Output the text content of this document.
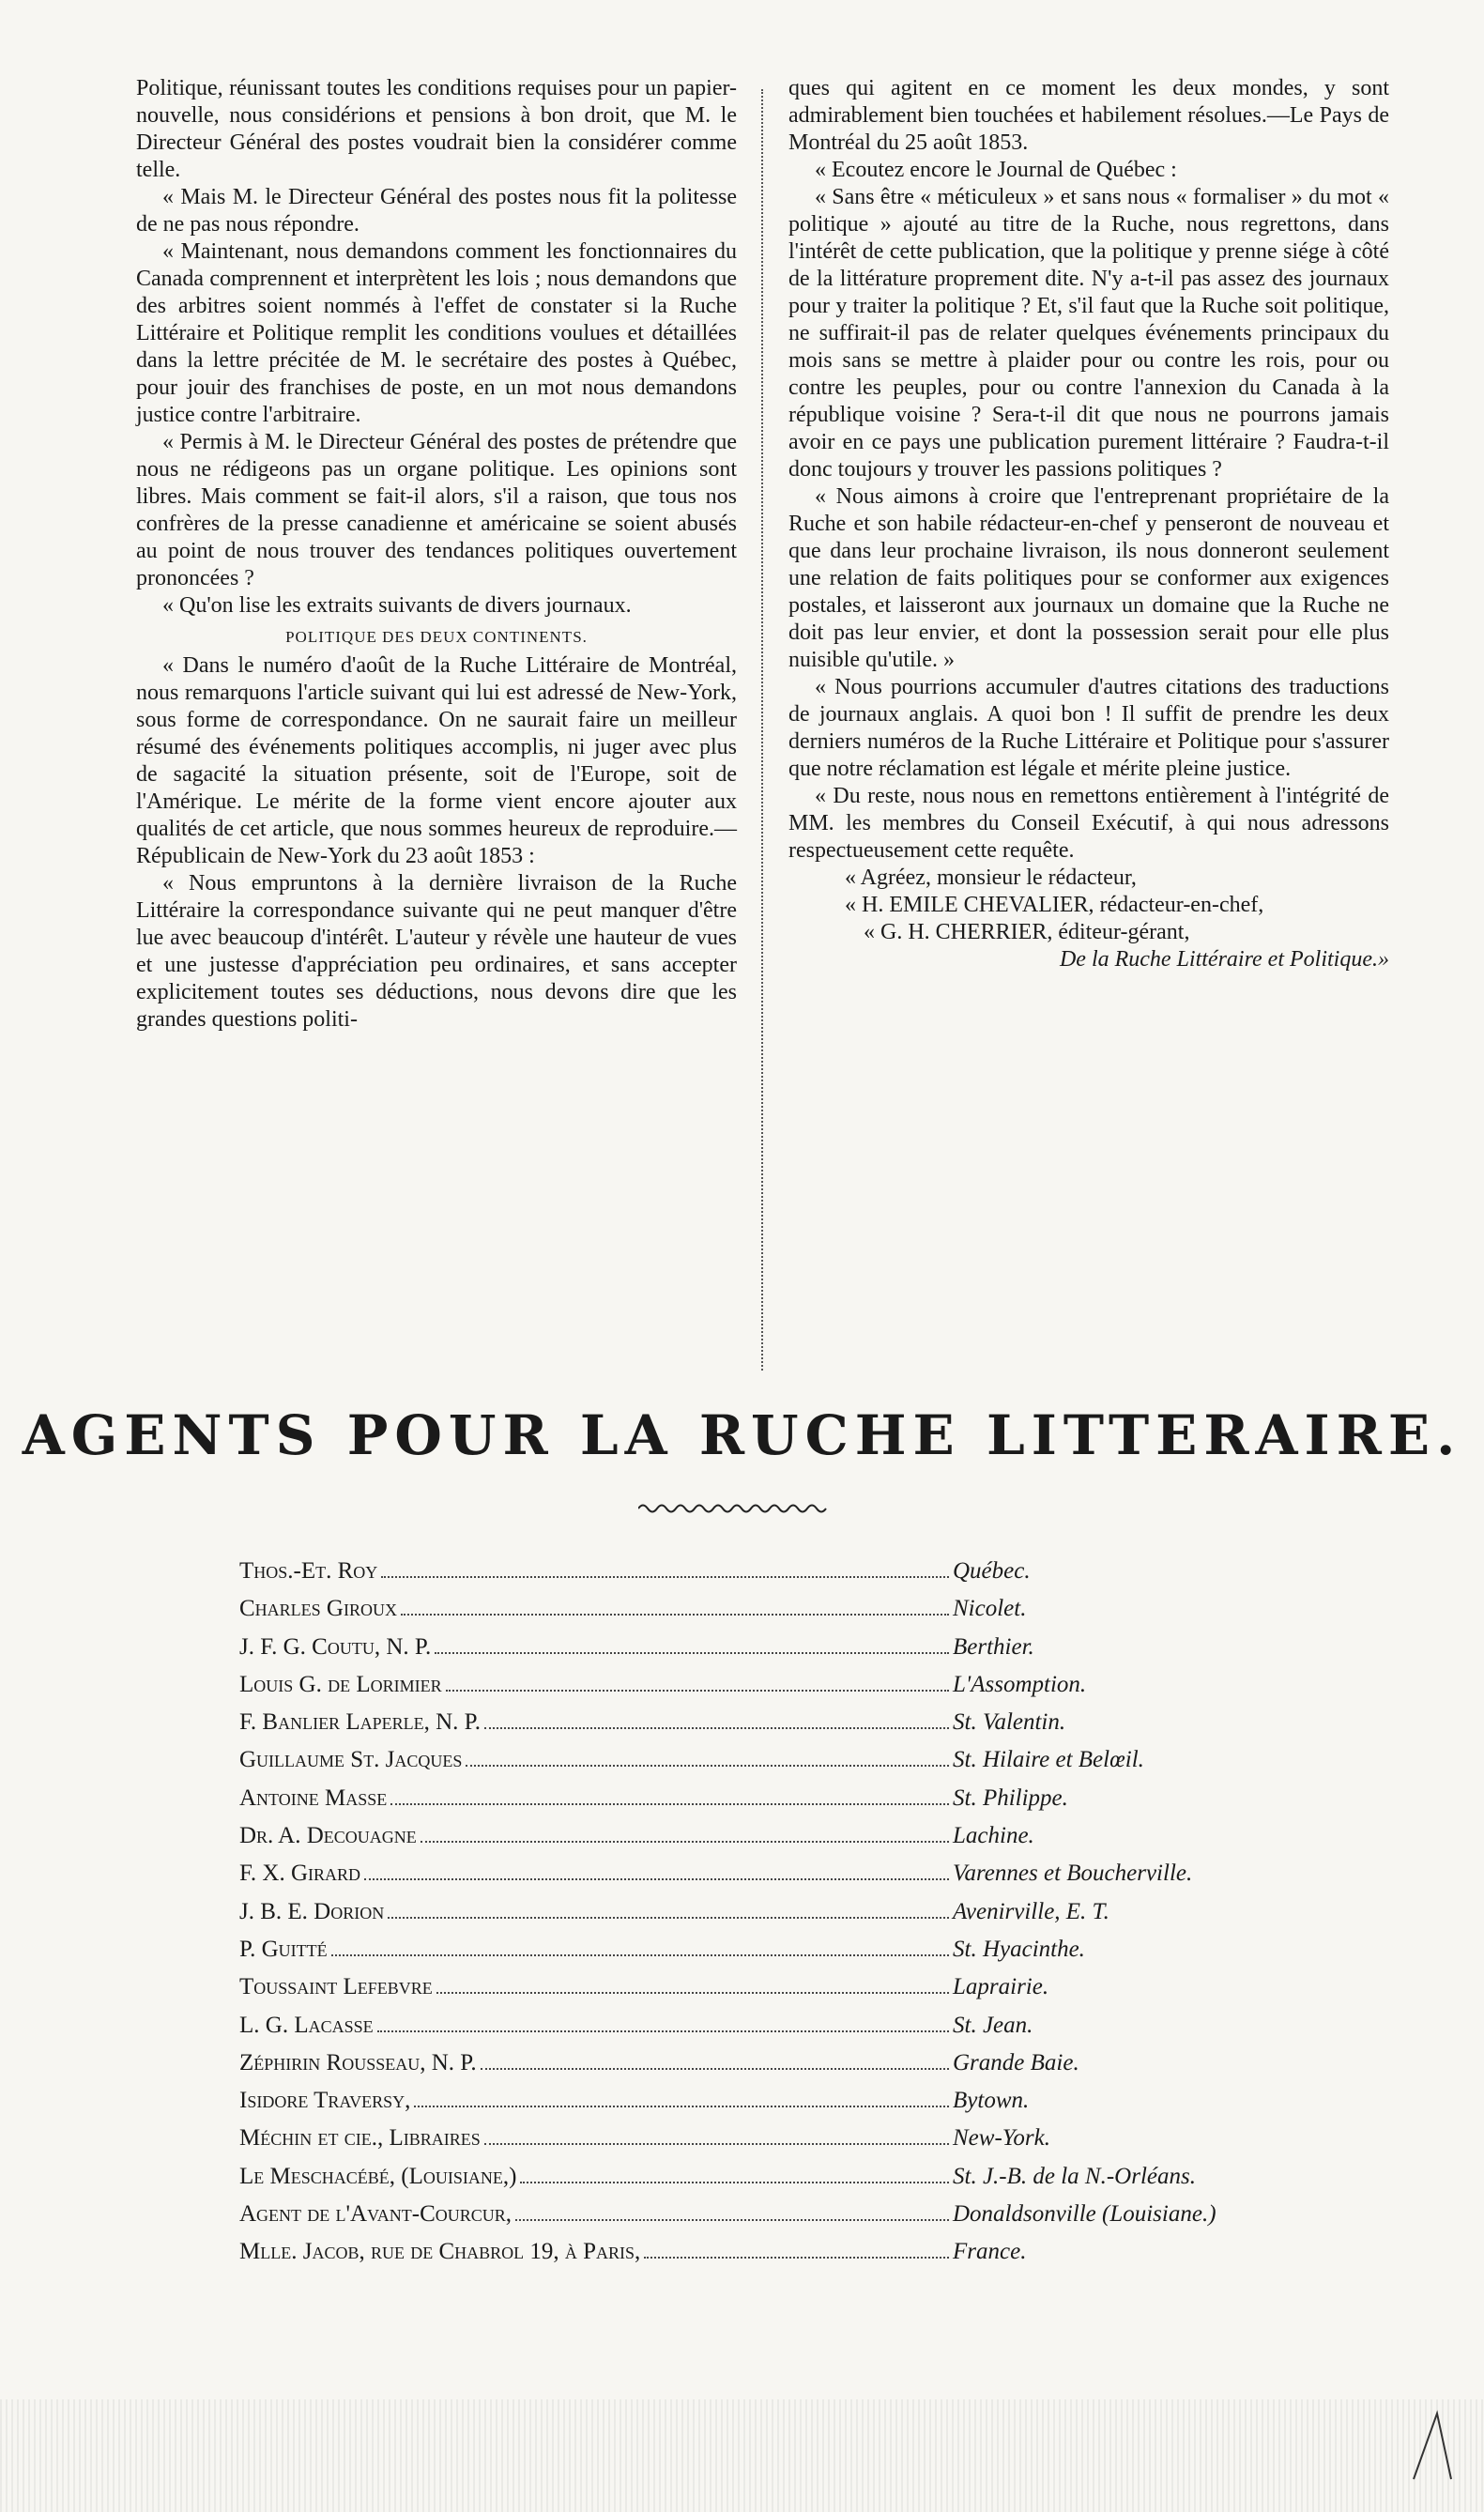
Politique, réunissant toutes les conditions requises pour un papier-nouvelle, nous considérions et pensions à bon droit, que M. le Directeur Général des postes voudrait bien la considérer comme telle.

« Mais M. le Directeur Général des postes nous fit la politesse de ne pas nous répondre.

« Maintenant, nous demandons comment les fonctionnaires du Canada comprennent et interprètent les lois ; nous demandons que des arbitres soient nommés à l'effet de constater si la Ruche Littéraire et Politique remplit les conditions voulues et détaillées dans la lettre précitée de M. le secrétaire des postes à Québec, pour jouir des franchises de poste, en un mot nous demandons justice contre l'arbitraire.

« Permis à M. le Directeur Général des postes de prétendre que nous ne rédigeons pas un organe politique. Les opinions sont libres. Mais comment se fait-il alors, s'il a raison, que tous nos confrères de la presse canadienne et américaine se soient abusés au point de nous trouver des tendances politiques ouvertement prononcées ?

« Qu'on lise les extraits suivants de divers journaux.

POLITIQUE DES DEUX CONTINENTS.

« Dans le numéro d'août de la Ruche Littéraire de Montréal, nous remarquons l'article suivant qui lui est adressé de New-York, sous forme de correspondance. On ne saurait faire un meilleur résumé des événements politiques accomplis, ni juger avec plus de sagacité la situation présente, soit de l'Europe, soit de l'Amérique. Le mérite de la forme vient encore ajouter aux qualités de cet article, que nous sommes heureux de reproduire.—Républicain de New-York du 23 août 1853 :

« Nous empruntons à la dernière livraison de la Ruche Littéraire la correspondance suivante qui ne peut manquer d'être lue avec beaucoup d'intérêt. L'auteur y révèle une hauteur de vues et une justesse d'appréciation peu ordinaires, et sans accepter explicitement toutes ses déductions, nous devons dire que les grandes questions politi-

ques qui agitent en ce moment les deux mondes, y sont admirablement bien touchées et habilement résolues.—Le Pays de Montréal du 25 août 1853.

« Ecoutez encore le Journal de Québec :

« Sans être « méticuleux » et sans nous « formaliser » du mot « politique » ajouté au titre de la Ruche, nous regrettons, dans l'intérêt de cette publication, que la politique y prenne siége à côté de la littérature proprement dite. N'y a-t-il pas assez des journaux pour y traiter la politique ? Et, s'il faut que la Ruche soit politique, ne suffirait-il pas de relater quelques événements principaux du mois sans se mettre à plaider pour ou contre les rois, pour ou contre les peuples, pour ou contre l'annexion du Canada à la république voisine ? Sera-t-il dit que nous ne pourrons jamais avoir en ce pays une publication purement littéraire ? Faudra-t-il donc toujours y trouver les passions politiques ?

« Nous aimons à croire que l'entreprenant propriétaire de la Ruche et son habile rédacteur-en-chef y penseront de nouveau et que dans leur prochaine livraison, ils nous donneront seulement une relation de faits politiques pour se conformer aux exigences postales, et laisseront aux journaux un domaine que la Ruche ne doit pas leur envier, et dont la possession serait pour elle plus nuisible qu'utile. »

« Nous pourrions accumuler d'autres citations des traductions de journaux anglais. A quoi bon ! Il suffit de prendre les deux derniers numéros de la Ruche Littéraire et Politique pour s'assurer que notre réclamation est légale et mérite pleine justice.

« Du reste, nous nous en remettons entièrement à l'intégrité de MM. les membres du Conseil Exécutif, à qui nous adressons respectueusement cette requête.

« Agréez, monsieur le rédacteur,

« H. EMILE CHEVALIER, rédacteur-en-chef,

« G. H. CHERRIER, éditeur-gérant,

De la Ruche Littéraire et Politique.»

AGENTS POUR LA RUCHE LITTERAIRE.
Thos.-Et. Roy	Québec.
Charles Giroux	Nicolet.
J. F. G. Coutu, N. P.	Berthier.
Louis G. de Lorimier	L'Assomption.
F. Banlier Laperle, N. P.	St. Valentin.
Guillaume St. Jacques	St. Hilaire et Belœil.
Antoine Masse	St. Philippe.
Dr. A. Decouagne	Lachine.
F. X. Girard	Varennes et Boucherville.
J. B. E. Dorion	Avenirville, E. T.
P. Guitté	St. Hyacinthe.
Toussaint Lefebvre	Laprairie.
L. G. Lacasse	St. Jean.
Zéphirin Rousseau, N. P.	Grande Baie.
Isidore Traversy,	Bytown.
Méchin et cie., Libraires	New-York.
Le Meschacébé, (Louisiane,)	St. J.-B. de la N.-Orléans.
Agent de l'Avant-Courcur,	Donaldsonville (Louisiane.)
Mlle. Jacob, rue de Chabrol 19, à Paris,	France.
